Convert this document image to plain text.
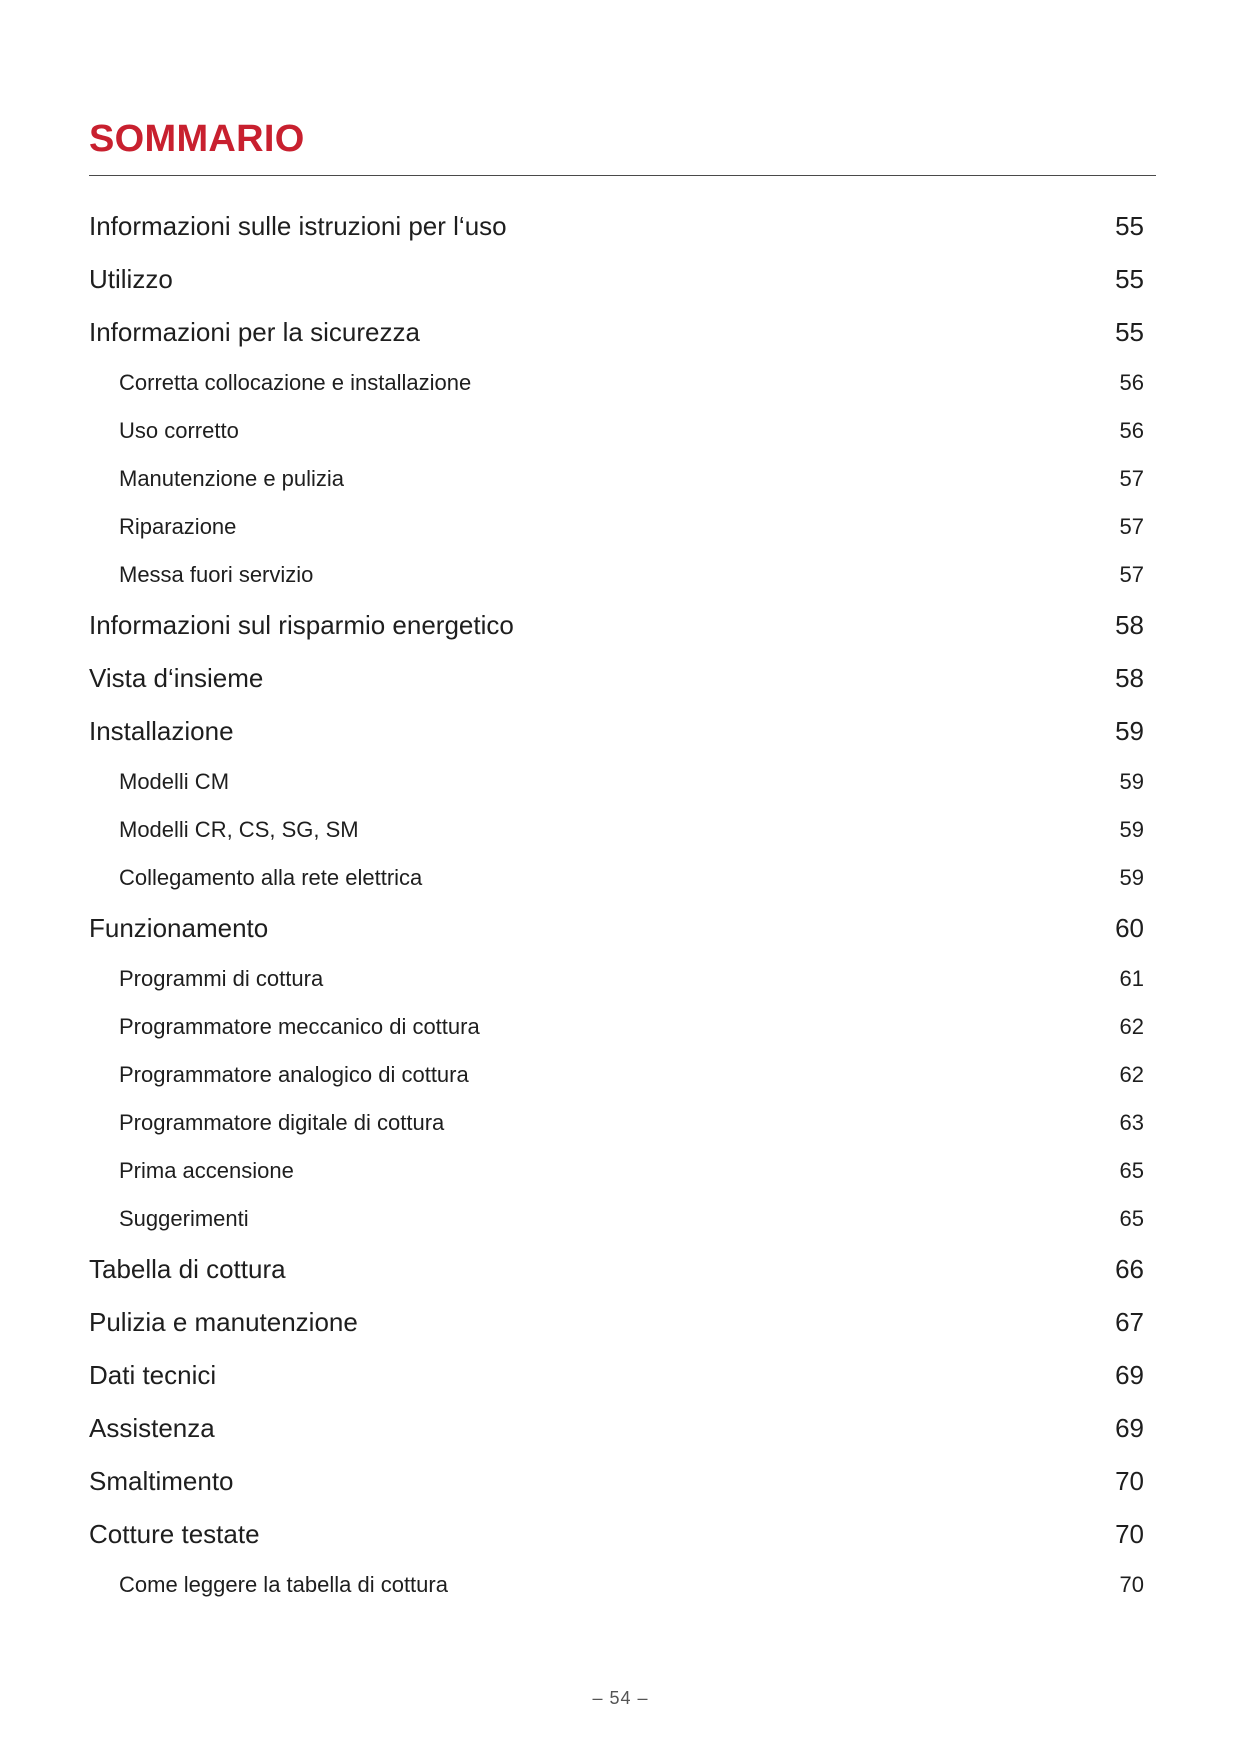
SOMMARIO
Informazioni sulle istruzioni per l‘uso	55
Utilizzo	55
Informazioni per la sicurezza	55
Corretta collocazione e installazione	56
Uso corretto	56
Manutenzione e pulizia	57
Riparazione	57
Messa fuori servizio	57
Informazioni sul risparmio energetico	58
Vista d‘insieme	58
Installazione	59
Modelli CM	59
Modelli CR, CS, SG, SM	59
Collegamento alla rete elettrica	59
Funzionamento	60
Programmi di cottura	61
Programmatore meccanico di cottura	62
Programmatore analogico di cottura	62
Programmatore digitale di cottura	63
Prima accensione	65
Suggerimenti	65
Tabella di cottura	66
Pulizia e manutenzione	67
Dati tecnici	69
Assistenza	69
Smaltimento	70
Cotture testate	70
Come leggere la tabella di cottura	70
– 54 –
